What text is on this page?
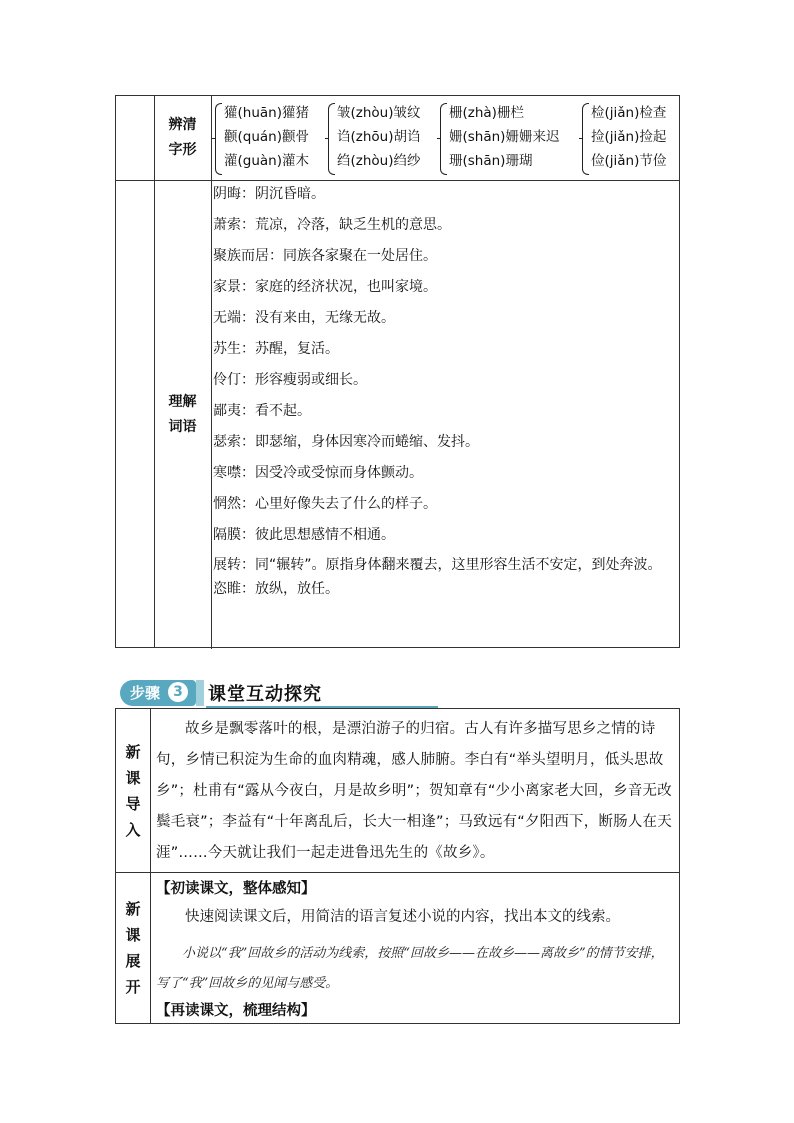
辨清
字形
理解
词语
獾(huān)獾猪
颧(quán)颧骨
灌(guàn)灌木
皱(zhòu)皱纹
诌(zhōu)胡诌
绉(zhòu)绉纱
栅(zhà)栅栏
姗(shān)姗姗来迟
珊(shān)珊瑚
检(jiǎn)检查
捡(jiǎn)捡起
俭(jiǎn)节俭
阴晦：阴沉昏暗。
萧索：荒凉，冷落，缺乏生机的意思。
聚族而居：同族各家聚在一处居住。
家景：家庭的经济状况，也叫家境。
无端：没有来由，无缘无故。
苏生：苏醒，复活。
伶仃：形容瘦弱或细长。
鄙夷：看不起。
瑟索：即瑟缩，身体因寒冷而蜷缩、发抖。
寒噤：因受冷或受惊而身体颤动。
惘然：心里好像失去了什么的样子。
隔膜：彼此思想感情不相通。
展转：同“辗转”。原指身体翻来覆去，这里形容生活不安定，到处奔波。
恣睢：放纵，放任。
步骤 3 课堂互动探究
新
课
导
入
新
课
展
开
故乡是飘零落叶的根，是漂泊游子的归宿。古人有许多描写思乡之情的诗句，乡情已积淀为生命的血肉精魂，感人肺腑。李白有“举头望明月，低头思故乡”；杜甫有“露从今夜白，月是故乡明”；贺知章有“少小离家老大回，乡音无改鬓毛衰”；李益有“十年离乱后，长大一相逢”；马致远有“夕阳西下，断肠人在天涯”……今天就让我们一起走进鲁迅先生的《故乡》。
【初读课文，整体感知】
快速阅读课文后，用简洁的语言复述小说的内容，找出本文的线索。
小说以“我”回故乡的活动为线索，按照“回故乡——在故乡——离故乡”的情节安排，写了“我”回故乡的见闻与感受。
【再读课文，梳理结构】
